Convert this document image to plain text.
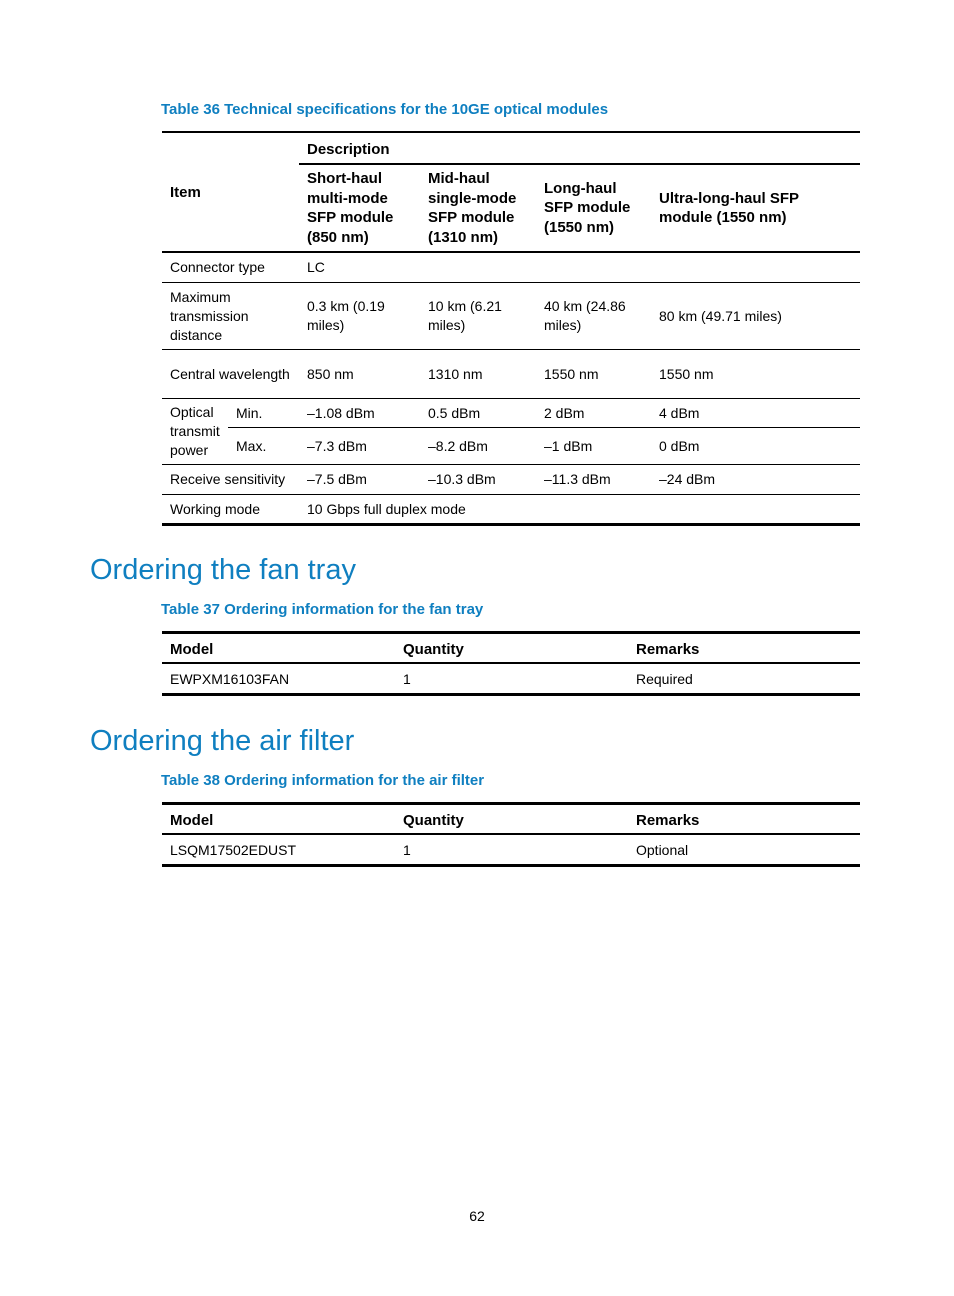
Table 36 Technical specifications for the 10GE optical modules
Item		Description			
		Short-haul multi-mode SFP module (850 nm)	Mid-haul single-mode SFP module (1310 nm)	Long-haul SFP module (1550 nm)	Ultra-long-haul SFP module (1550 nm)
Connector type		LC			
Maximum transmission distance		0.3 km (0.19 miles)	10 km (6.21 miles)	40 km (24.86 miles)	80 km (49.71 miles)
Central wavelength		850 nm	1310 nm	1550 nm	1550 nm
Optical transmit power	Min.	–1.08 dBm	0.5 dBm	2 dBm	4 dBm
	Max.	–7.3 dBm	–8.2 dBm	–1 dBm	0 dBm
Receive sensitivity		–7.5 dBm	–10.3 dBm	–11.3 dBm	–24 dBm
Working mode		10 Gbps full duplex mode			
Ordering the fan tray
Table 37 Ordering information for the fan tray
Model	Quantity	Remarks
EWPXM16103FAN	1	Required
Ordering the air filter
Table 38 Ordering information for the air filter
Model	Quantity	Remarks
LSQM17502EDUST	1	Optional
62
